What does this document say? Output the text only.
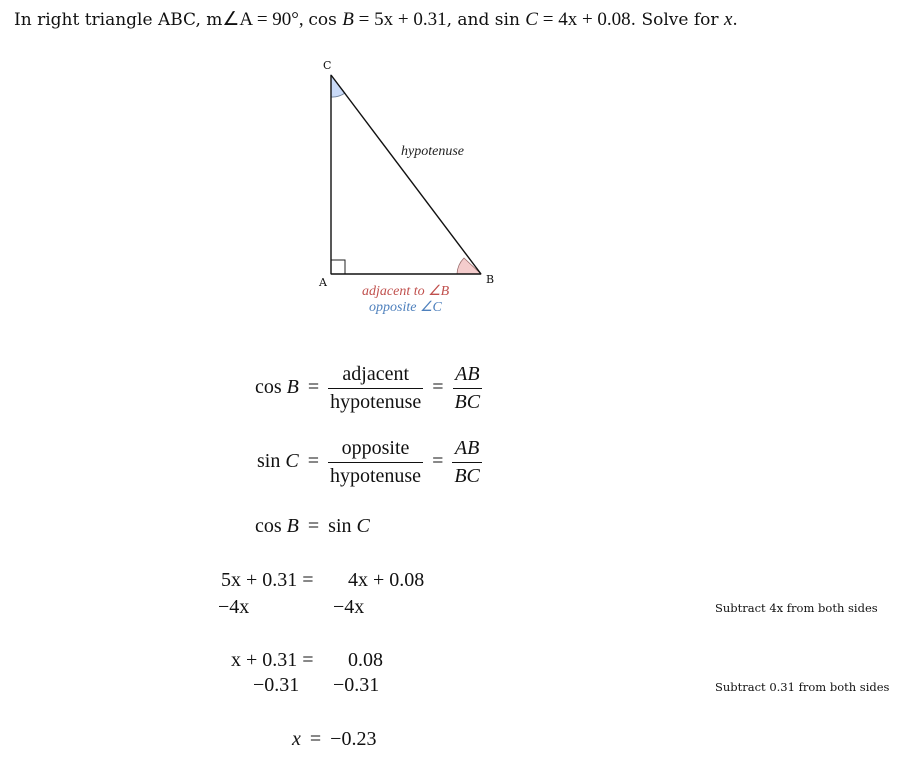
In right triangle ABC, m∠A = 90°, cos B = 5x + 0.31, and sin C = 4x + 0.08. Solve for x.
C
A	B
hypotenuse
adjacent to ∠B
opposite ∠C
$\cos B = \frac{\text{adjacent}}{\text{hypotenuse}} = \frac{AB}{BC}$
$\sin C = \frac{\text{opposite}}{\text{hypotenuse}} = \frac{AB}{BC}$
cos B = sin C
5x + 0.31 = 4x + 0.08
−4x	−4x	Subtract 4x from both sides
x + 0.31 = 0.08
−0.31 −0.31	Subtract 0.31 from both sides
x = −0.23
